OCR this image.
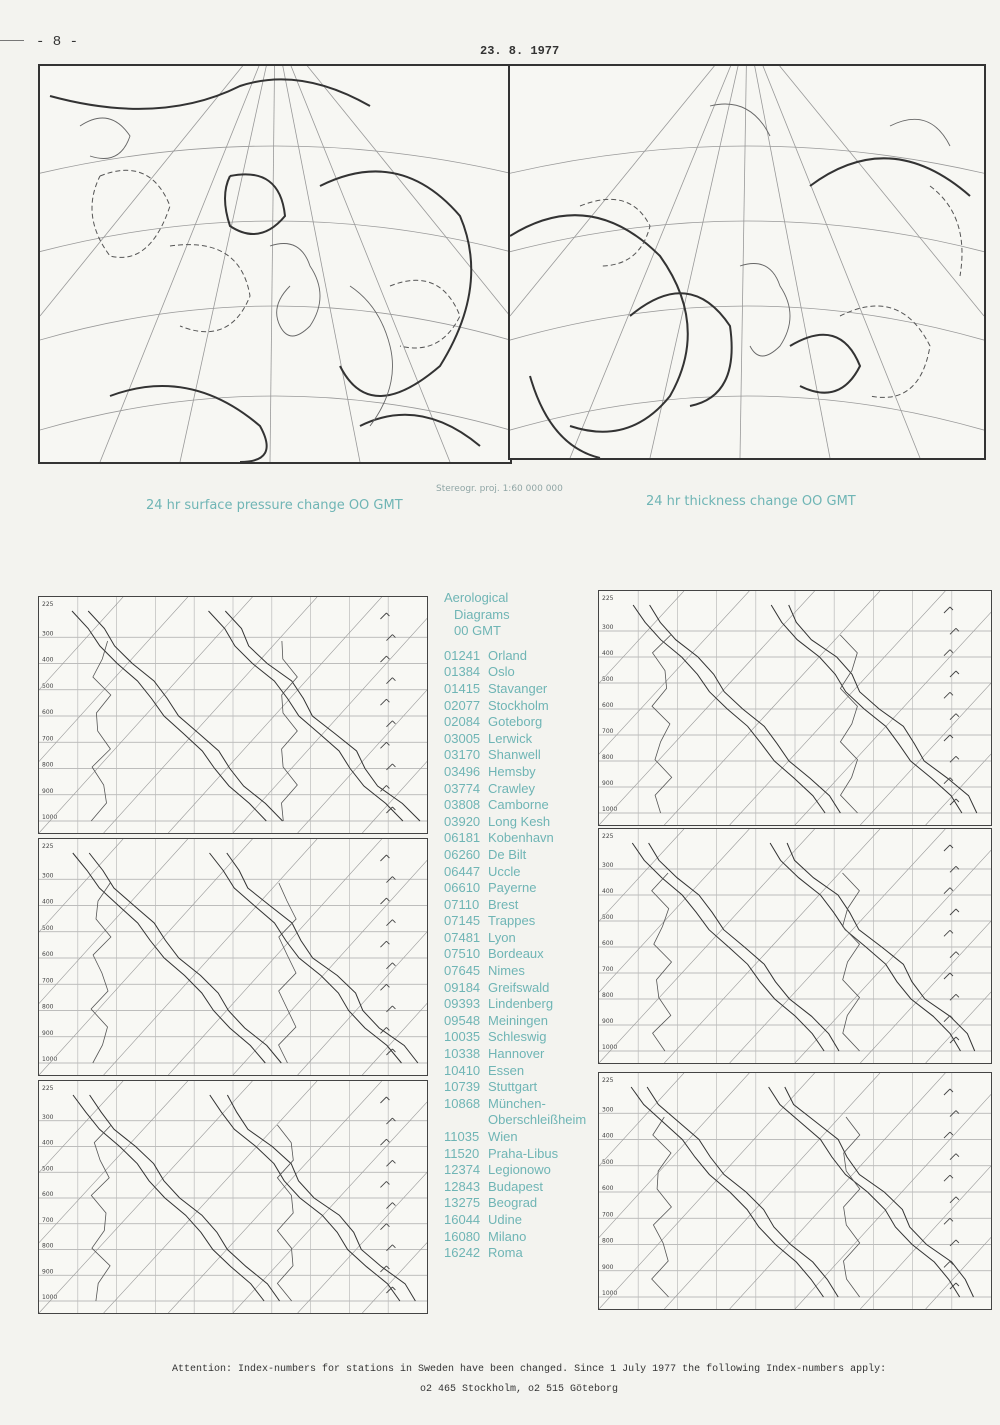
- 8 -
23. 8. 1977
24 hr surface pressure change OO GMT	24 hr thickness change OO GMT
Stereogr. proj. 1:60 000 000
300
400
500
600
700
800
900
1000
225
300
400
500
600
700
800
900
1000
225
300
400
500
600
700
800
900
1000
225
300
400
500
600
700
800
900
1000
225
300
400
500
600
700
800
900
1000
225
300
400
500
600
700
800
900
1000
225
Aerological
Diagrams
00 GMT
01241 Orland
01384 Oslo
01415 Stavanger
02077 Stockholm
02084 Goteborg
03005 Lerwick
03170 Shanwell
03496 Hemsby
03774 Crawley
03808 Camborne
03920 Long Kesh
06181 Kobenhavn
06260 De Bilt
06447 Uccle
06610 Payerne
07110 Brest
07145 Trappes
07481 Lyon
07510 Bordeaux
07645 Nimes
09184 Greifswald
09393 Lindenberg
09548 Meiningen
10035 Schleswig
10338 Hannover
10410 Essen
10739 Stuttgart
10868 München-
Oberschleißheim
11035 Wien
11520 Praha-Libus
12374 Legionowo
12843 Budapest
13275 Beograd
16044 Udine
16080 Milano
16242 Roma
Attention: Index-numbers for stations in Sweden have been changed. Since 1 July 1977 the following Index-numbers apply:
o2 465 Stockholm, o2 515 Göteborg
